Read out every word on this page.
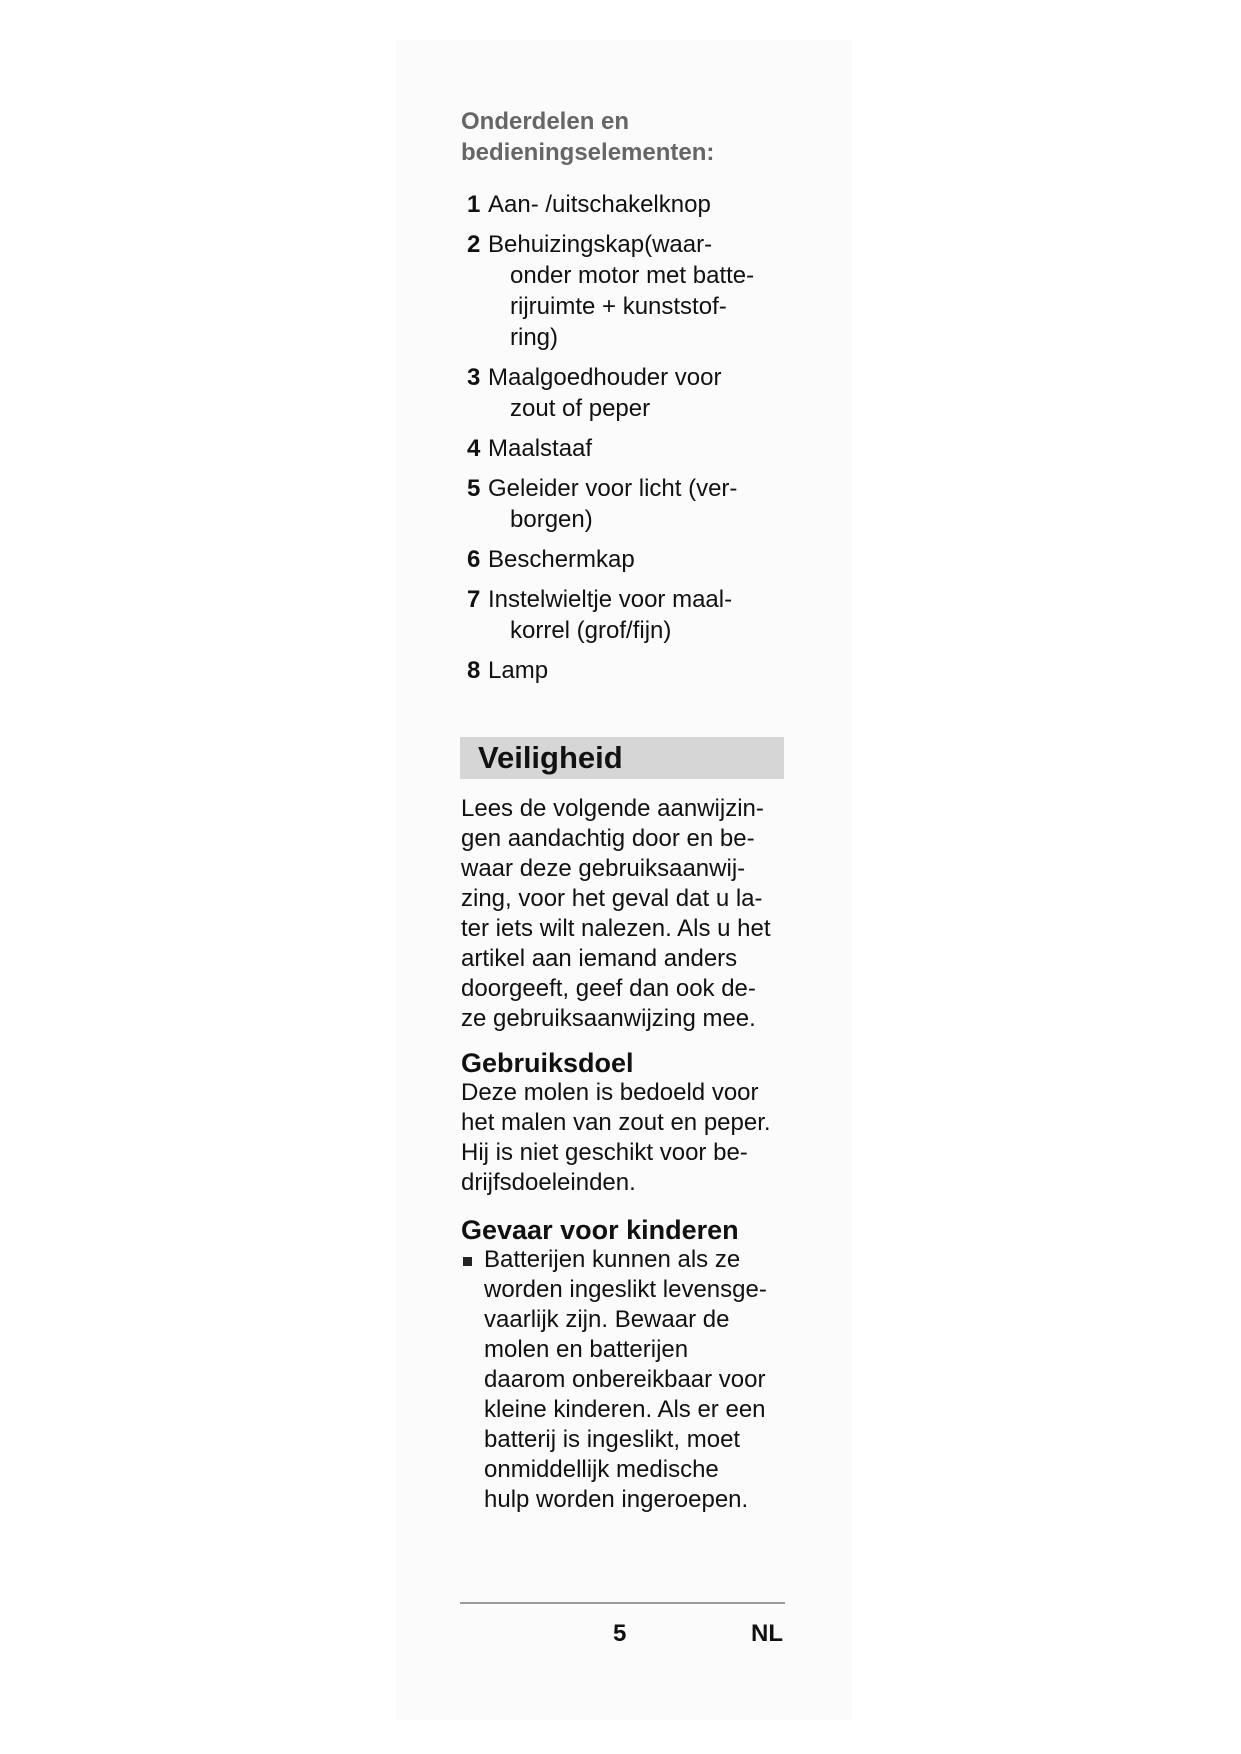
Onderdelen en
bedieningselementen:
1 Aan- /uitschakelknop
2 Behuizingskap(waar-
onder motor met batte-
rijruimte + kunststof-
ring)
3 Maalgoedhouder voor
zout of peper
4 Maalstaaf
5 Geleider voor licht (ver-
borgen)
6 Beschermkap
7 Instelwieltje voor maal-
korrel (grof/fijn)
8 Lamp
Veiligheid
Lees de volgende aanwijzin-
gen aandachtig door en be-
waar deze gebruiksaanwij-
zing, voor het geval dat u la-
ter iets wilt nalezen. Als u het
artikel aan iemand anders
doorgeeft, geef dan ook de-
ze gebruiksaanwijzing mee.
Gebruiksdoel
Deze molen is bedoeld voor
het malen van zout en peper.
Hij is niet geschikt voor be-
drijfsdoeleinden.
Gevaar voor kinderen
Batterijen kunnen als ze
worden ingeslikt levensge-
vaarlijk zijn. Bewaar de
molen en batterijen
daarom onbereikbaar voor
kleine kinderen. Als er een
batterij is ingeslikt, moet
onmiddellijk medische
hulp worden ingeroepen.
5	NL
